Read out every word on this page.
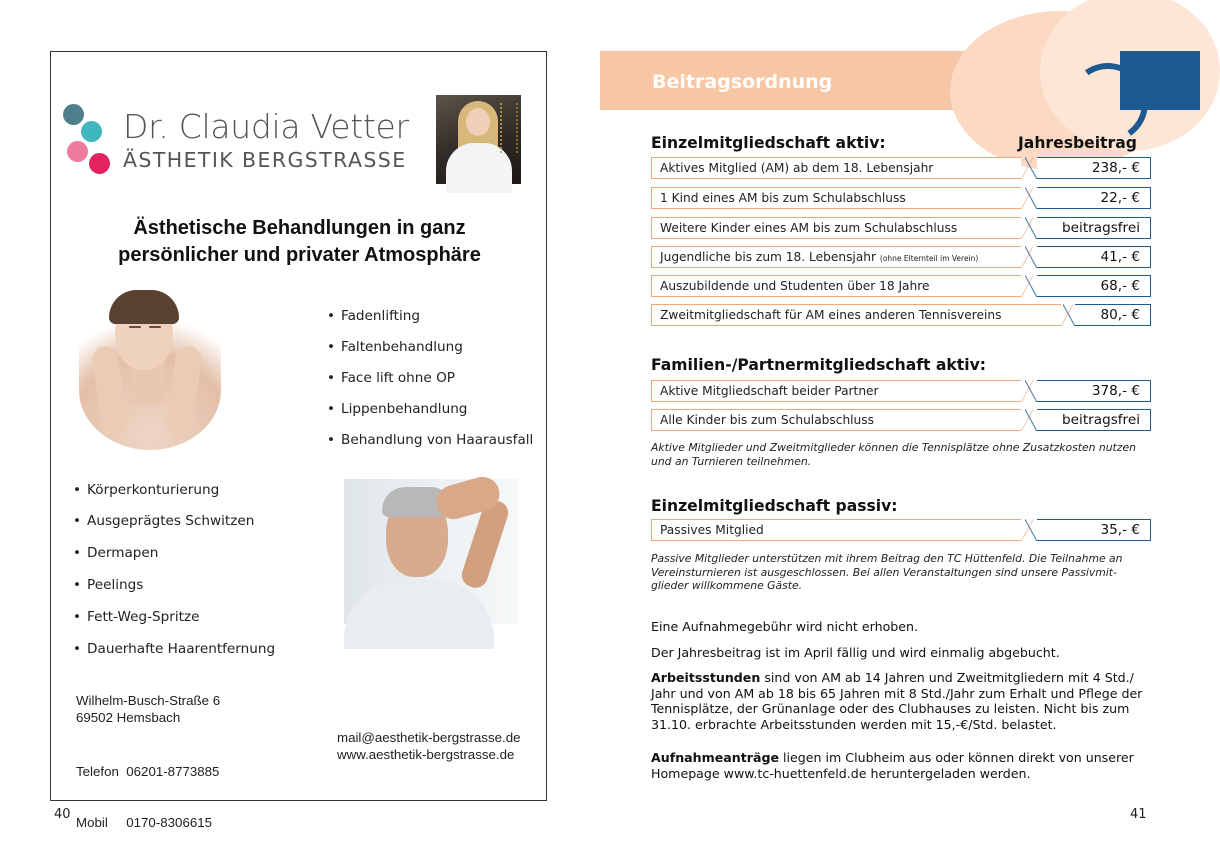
Dr. Claudia Vetter
ÄSTHETIK BERGSTRASSE
Ästhetische Behandlungen in ganz
persönlicher und privater Atmosphäre
• Fadenlifting
• Faltenbehandlung
• Face lift ohne OP
• Lippenbehandlung
• Behandlung von Haarausfall
• Körperkonturierung
• Ausgeprägtes Schwitzen
• Dermapen
• Peelings
• Fett-Weg-Spritze
• Dauerhafte Haarentfernung
Wilhelm-Busch-Straße 6
69502 Hemsbach

Telefon  06201-8773885

Mobil     0170-8306615

mail@aesthetik-bergstrasse.de
www.aesthetik-bergstrasse.de
40
Beitragsordnung
Einzelmitgliedschaft aktiv:	Jahresbeitrag
Aktives Mitglied (AM) ab dem 18. Lebensjahr	238,- €
1 Kind eines AM bis zum Schulabschluss	22,- €
Weitere Kinder eines AM bis zum Schulabschluss	beitragsfrei
Jugendliche bis zum 18. Lebensjahr (ohne Elternteil im Verein)	41,- €
Auszubildende und Studenten über 18 Jahre	68,- €
Zweitmitgliedschaft für AM eines anderen Tennisvereins	80,- €
Familien-/Partnermitgliedschaft aktiv:
Aktive Mitgliedschaft beider Partner	378,- €
Alle Kinder bis zum Schulabschluss	beitragsfrei
Aktive Mitglieder und Zweitmitglieder können die Tennisplätze ohne Zusatzkosten nutzen und an Turnieren teilnehmen.
Einzelmitgliedschaft passiv:
Passives Mitglied	35,- €
Passive Mitglieder unterstützen mit ihrem Beitrag den TC Hüttenfeld. Die Teilnahme an Vereinsturnieren ist ausgeschlossen. Bei allen Veranstaltungen sind unsere Passivmit-glieder willkommene Gäste.
Eine Aufnahmegebühr wird nicht erhoben.
Der Jahresbeitrag ist im April fällig und wird einmalig abgebucht.
Arbeitsstunden sind von AM ab 14 Jahren und Zweitmitgliedern mit 4 Std./ Jahr und von AM ab 18 bis 65 Jahren mit 8 Std./Jahr zum Erhalt und Pflege der Tennisplätze, der Grünanlage oder des Clubhauses zu leisten. Nicht bis zum 31.10. erbrachte Arbeitsstunden werden mit 15,-€/Std. belastet.
Aufnahmeanträge liegen im Clubheim aus oder können direkt von unserer Homepage www.tc-huettenfeld.de heruntergeladen werden.
41
